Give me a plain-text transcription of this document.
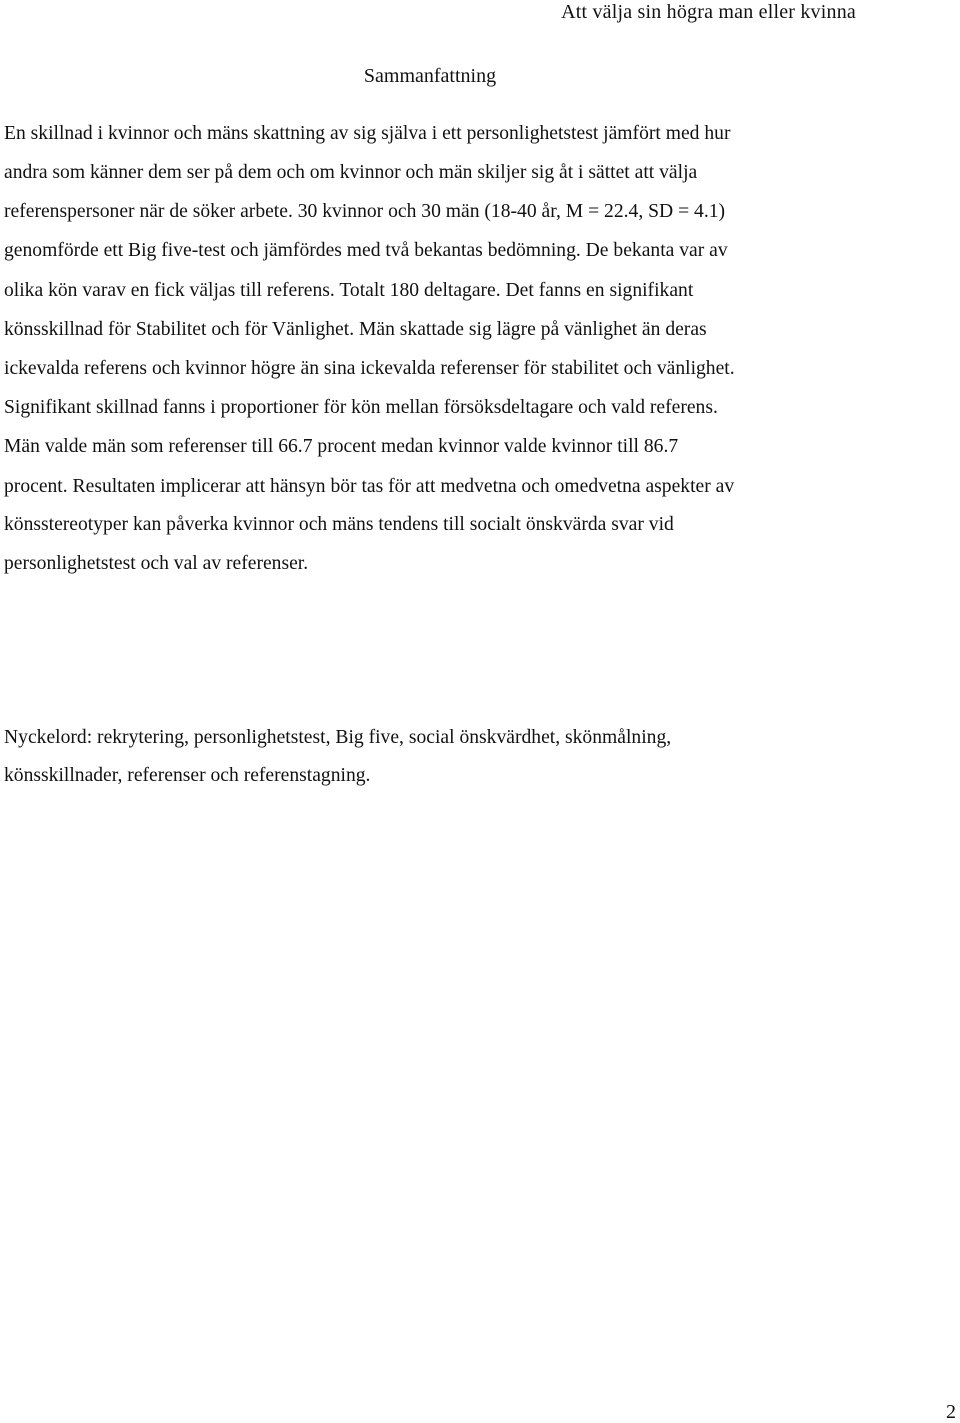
Att välja sin högra man eller kvinna
Sammanfattning
En skillnad i kvinnor och mäns skattning av sig själva i ett personlighetstest jämfört med hur
andra som känner dem ser på dem och om kvinnor och män skiljer sig åt i sättet att välja
referenspersoner när de söker arbete. 30 kvinnor och 30 män (18-40 år, M = 22.4, SD = 4.1)
genomförde ett Big five-test och jämfördes med två bekantas bedömning. De bekanta var av
olika kön varav en fick väljas till referens. Totalt 180 deltagare. Det fanns en signifikant
könsskillnad för Stabilitet och för Vänlighet. Män skattade sig lägre på vänlighet än deras
ickevalda referens och kvinnor högre än sina ickevalda referenser för stabilitet och vänlighet.
Signifikant skillnad fanns i proportioner för kön mellan försöksdeltagare och vald referens.
Män valde män som referenser till 66.7 procent medan kvinnor valde kvinnor till 86.7
procent. Resultaten implicerar att hänsyn bör tas för att medvetna och omedvetna aspekter av
könsstereotyper kan påverka kvinnor och mäns tendens till socialt önskvärda svar vid
personlighetstest och val av referenser.
Nyckelord: rekrytering, personlighetstest, Big five, social önskvärdhet, skönmålning,
könsskillnader, referenser och referenstagning.
2
